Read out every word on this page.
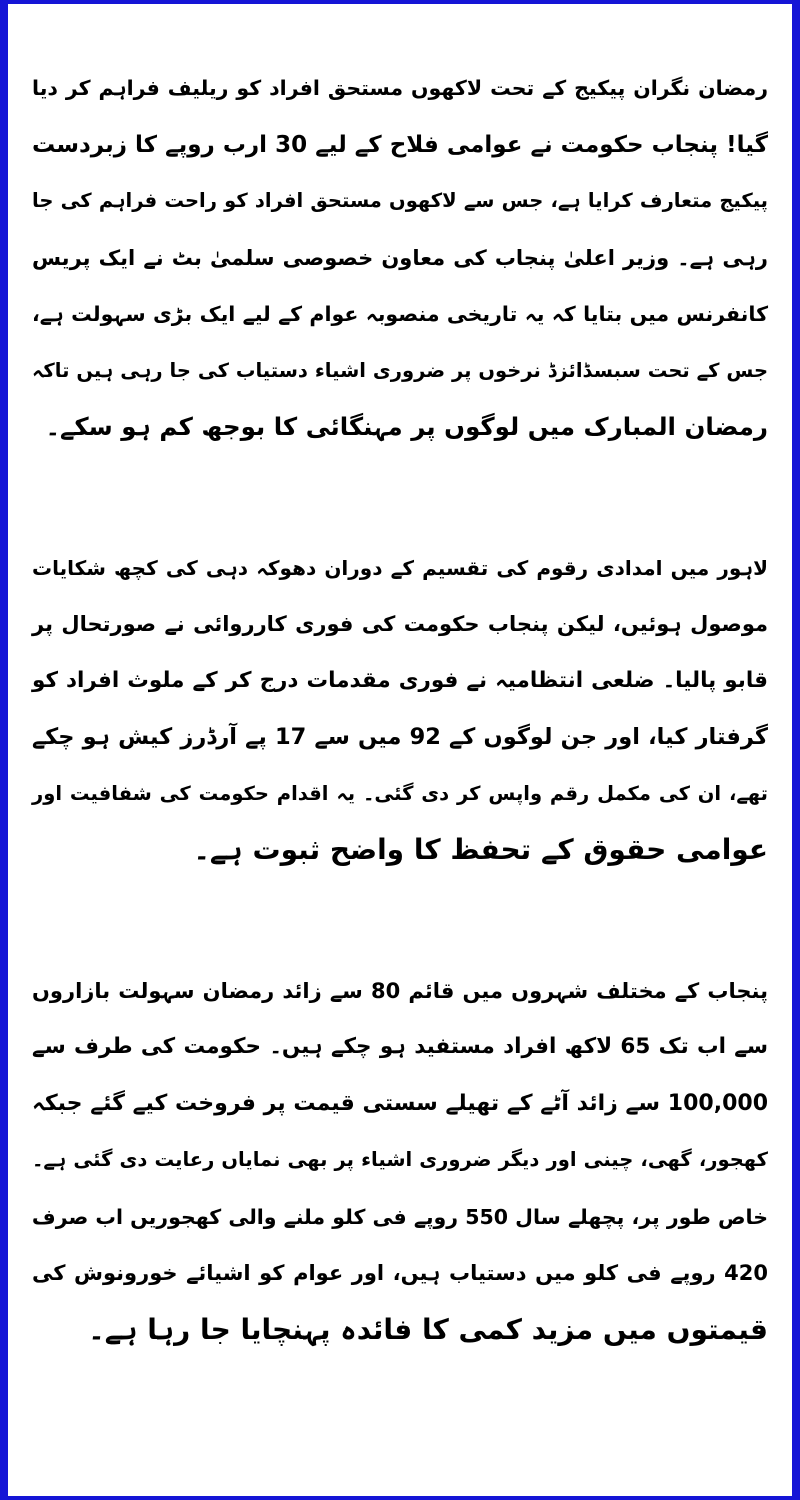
رمضان نگران پیکیج کے تحت لاکھوں مستحق افراد کو ریلیف فراہم کر دیا
گیا! پنجاب حکومت نے عوامی فلاح کے لیے 30 ارب روپے کا زبردست
پیکیج متعارف کرایا ہے، جس سے لاکھوں مستحق افراد کو راحت فراہم کی جا
رہی ہے۔ وزیر اعلیٰ پنجاب کی معاون خصوصی سلمیٰ بٹ نے ایک پریس
کانفرنس میں بتایا کہ یہ تاریخی منصوبہ عوام کے لیے ایک بڑی سہولت ہے،
جس کے تحت سبسڈائزڈ نرخوں پر ضروری اشیاء دستیاب کی جا رہی ہیں تاکہ
رمضان المبارک میں لوگوں پر مہنگائی کا بوجھ کم ہو سکے۔
لاہور میں امدادی رقوم کی تقسیم کے دوران دھوکہ دہی کی کچھ شکایات
موصول ہوئیں، لیکن پنجاب حکومت کی فوری کارروائی نے صورتحال پر
قابو پالیا۔ ضلعی انتظامیہ نے فوری مقدمات درج کر کے ملوث افراد کو
گرفتار کیا، اور جن لوگوں کے 92 میں سے 17 پے آرڈرز کیش ہو چکے
تھے، ان کی مکمل رقم واپس کر دی گئی۔ یہ اقدام حکومت کی شفافیت اور
عوامی حقوق کے تحفظ کا واضح ثبوت ہے۔
پنجاب کے مختلف شہروں میں قائم 80 سے زائد رمضان سہولت بازاروں
سے اب تک 65 لاکھ افراد مستفید ہو چکے ہیں۔ حکومت کی طرف سے
100,000 سے زائد آٹے کے تھیلے سستی قیمت پر فروخت کیے گئے جبکہ
کھجور، گھی، چینی اور دیگر ضروری اشیاء پر بھی نمایاں رعایت دی گئی ہے۔
خاص طور پر، پچھلے سال 550 روپے فی کلو ملنے والی کھجوریں اب صرف
420 روپے فی کلو میں دستیاب ہیں، اور عوام کو اشیائے خورونوش کی
قیمتوں میں مزید کمی کا فائدہ پہنچایا جا رہا ہے۔
